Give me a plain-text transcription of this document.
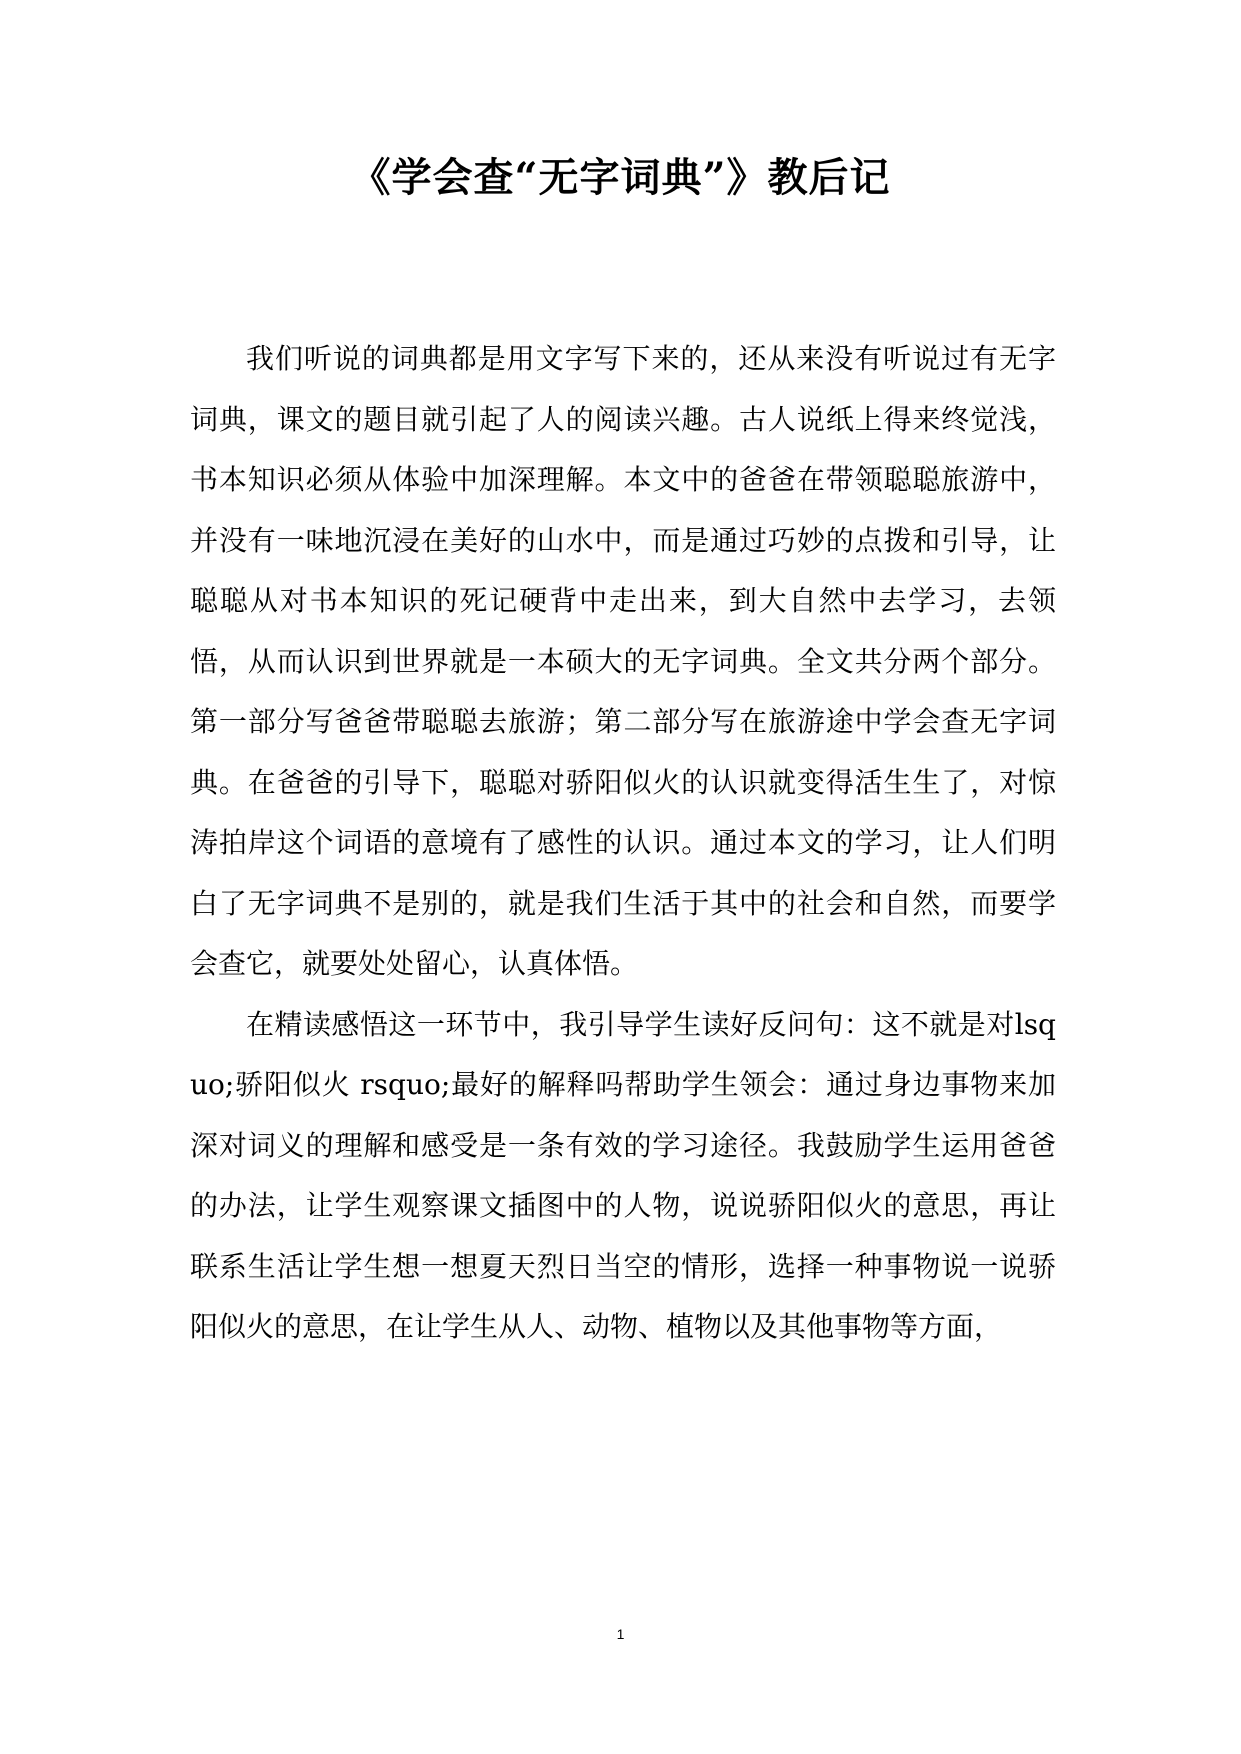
《学会查“无字词典”》教后记

我们听说的词典都是用文字写下来的，还从来没有听说过有无字词典，课文的题目就引起了人的阅读兴趣。古人说纸上得来终觉浅，书本知识必须从体验中加深理解。本文中的爸爸在带领聪聪旅游中，并没有一味地沉浸在美好的山水中，而是通过巧妙的点拨和引导，让聪聪从对书本知识的死记硬背中走出来，到大自然中去学习，去领悟，从而认识到世界就是一本硕大的无字词典。全文共分两个部分。第一部分写爸爸带聪聪去旅游；第二部分写在旅游途中学会查无字词典。在爸爸的引导下，聪聪对骄阳似火的认识就变得活生生了，对惊涛拍岸这个词语的意境有了感性的认识。通过本文的学习，让人们明白了无字词典不是别的，就是我们生活于其中的社会和自然，而要学会查它，就要处处留心，认真体悟。

在精读感悟这一环节中，我引导学生读好反问句：这不就是对lsquo;骄阳似火 rsquo;最好的解释吗帮助学生领会：通过身边事物来加深对词义的理解和感受是一条有效的学习途径。我鼓励学生运用爸爸的办法，让学生观察课文插图中的人物，说说骄阳似火的意思，再让联系生活让学生想一想夏天烈日当空的情形，选择一种事物说一说骄阳似火的意思，在让学生从人、动物、植物以及其他事物等方面，

1
